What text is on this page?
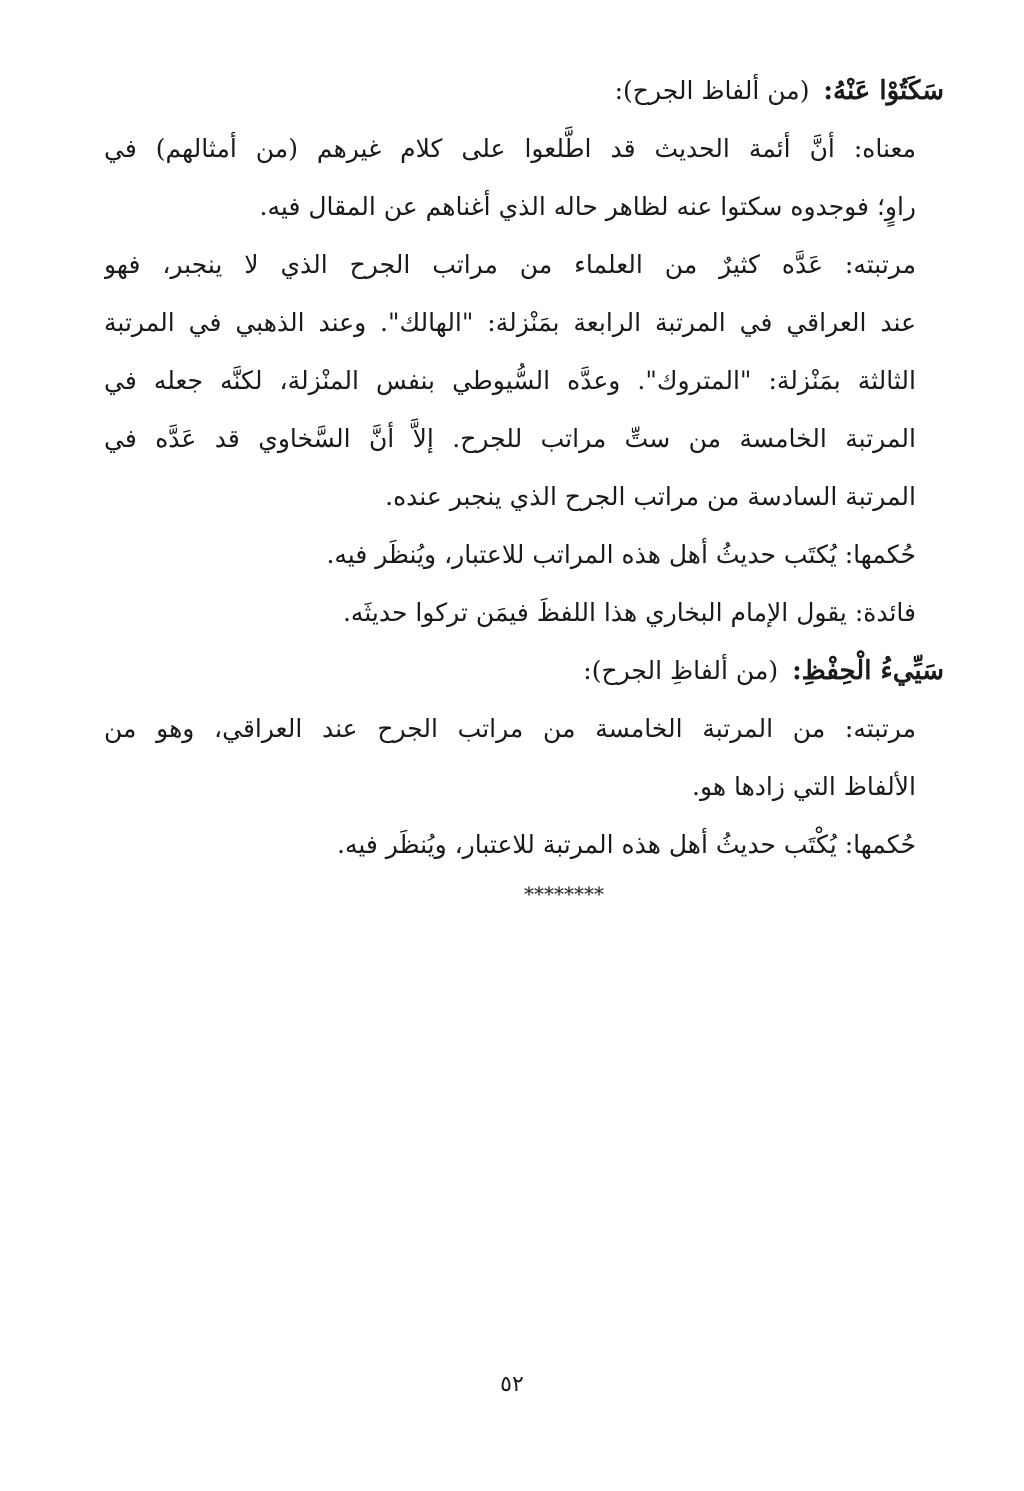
سَكَتُوْا عَنْهُ: (من ألفاظ الجرح):
معناه: أنَّ أئمة الحديث قد اطَّلعوا على كلام غيرهم (من أمثالهم) في
راوٍ؛ فوجدوه سكتوا عنه لظاهر حاله الذي أغناهم عن المقال فيه.
مرتبته: عَدَّه كثيرٌ من العلماء من مراتب الجرح الذي لا ينجبر، فهو
عند العراقي في المرتبة الرابعة بمَنْزلة: "الهالك". وعند الذهبي في المرتبة
الثالثة بمَنْزلة: "المتروك". وعدَّه السُّيوطي بنفس المنْزلة، لكنَّه جعله في
المرتبة الخامسة من ستِّ مراتب للجرح. إلاَّ أنَّ السَّخاوي قد عَدَّه في
المرتبة السادسة من مراتب الجرح الذي ينجبر عنده.
حُكمها: يُكتَب حديثُ أهل هذه المراتب للاعتبار، ويُنظَر فيه.
فائدة: يقول الإمام البخاري هذا اللفظَ فيمَن تركوا حديثَه.
سَيِّيءُ الْحِفْظِ: (من ألفاظِ الجرح):
مرتبته: من المرتبة الخامسة من مراتب الجرح عند العراقي، وهو من
الألفاظ التي زادها هو.
حُكمها: يُكْتَب حديثُ أهل هذه المرتبة للاعتبار، ويُنظَر فيه.
********
٥٢
